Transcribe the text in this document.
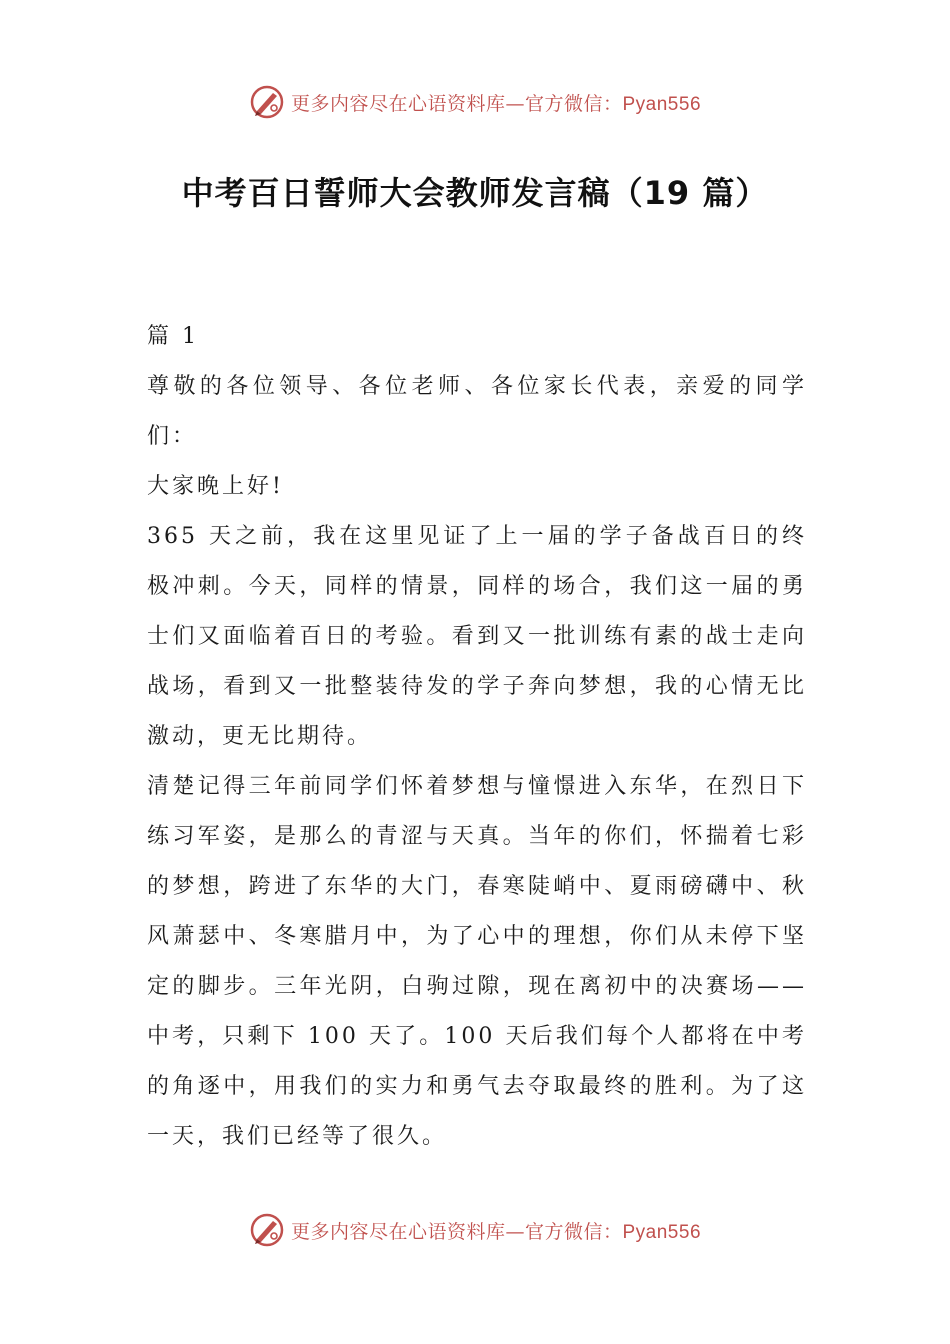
更多内容尽在心语资料库—官方微信：Pyan556
中考百日誓师大会教师发言稿（19 篇）

篇 1

尊敬的各位领导、各位老师、各位家长代表，亲爱的同学们：

大家晚上好!

365 天之前，我在这里见证了上一届的学子备战百日的终极冲刺。今天，同样的情景，同样的场合，我们这一届的勇士们又面临着百日的考验。看到又一批训练有素的战士走向战场，看到又一批整装待发的学子奔向梦想，我的心情无比激动，更无比期待。

清楚记得三年前同学们怀着梦想与憧憬进入东华，在烈日下练习军姿，是那么的青涩与天真。当年的你们，怀揣着七彩的梦想，跨进了东华的大门，春寒陡峭中、夏雨磅礴中、秋风萧瑟中、冬寒腊月中，为了心中的理想，你们从未停下坚定的脚步。三年光阴，白驹过隙，现在离初中的决赛场——中考，只剩下 100 天了。100 天后我们每个人都将在中考的角逐中，用我们的实力和勇气去夺取最终的胜利。为了这一天，我们已经等了很久。

更多内容尽在心语资料库—官方微信：Pyan556
